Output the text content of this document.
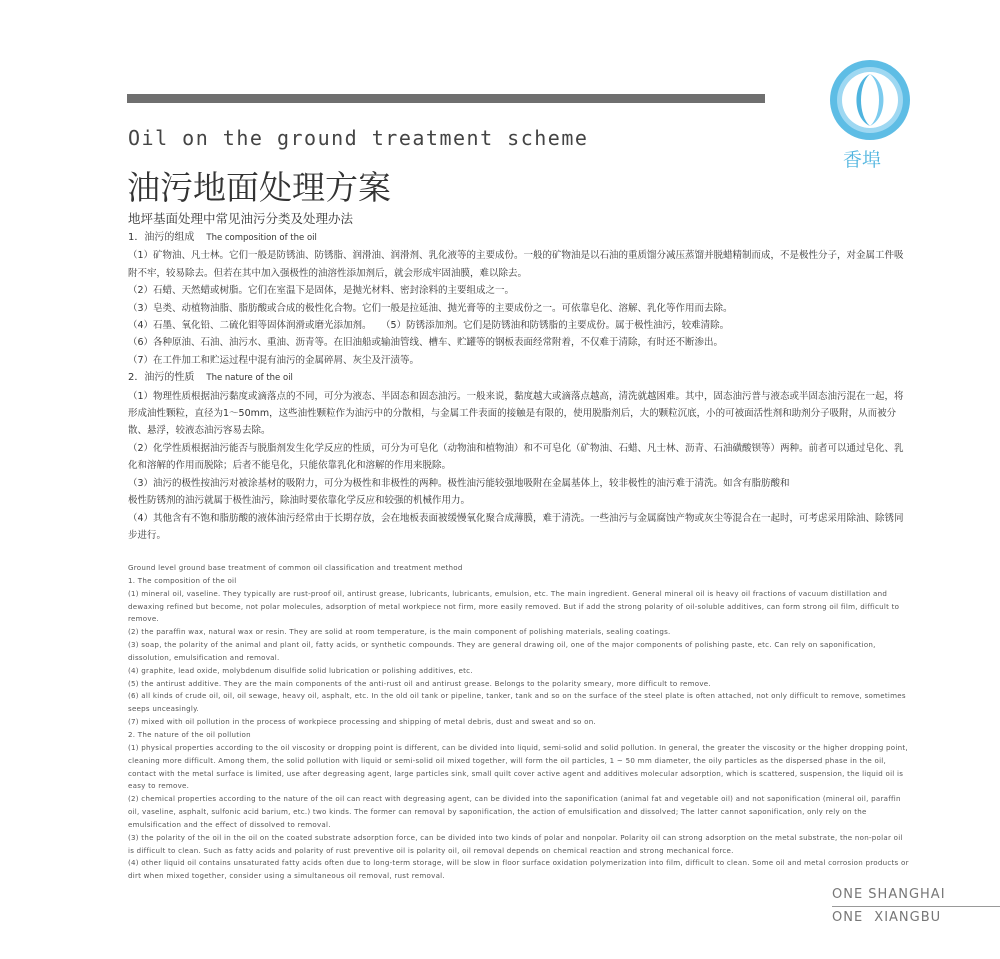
香埠
Oil on the ground treatment scheme
油污地面处理方案
地坪基面处理中常见油污分类及处理办法

1．油污的组成 The composition of the oil

（1）矿物油、凡士林。它们一般是防锈油、防锈脂、润滑油、润滑剂、乳化液等的主要成份。一般的矿物油是以石油的重质馏分减压蒸馏并脱蜡精制而成，不是极性分子，对金属工件吸附不牢，较易除去。但若在其中加入强极性的油溶性添加剂后，就会形成牢固油膜，难以除去。

（2）石蜡、天然蜡或树脂。它们在室温下是固体，是抛光材料、密封涂料的主要组成之一。

（3）皂类、动植物油脂、脂肪酸或合成的极性化合物。它们一般是拉延油、抛光膏等的主要成份之一。可依靠皂化、溶解、乳化等作用而去除。

（4）石墨、氧化铅、二硫化钼等固体润滑或磨光添加剂。　　（5）防锈添加剂。它们是防锈油和防锈脂的主要成份。属于极性油污，较难清除。

（6）各种原油、石油、油污水、重油、沥青等。在旧油船或输油管线、槽车、贮罐等的钢板表面经常附着，不仅难于清除，有时还不断渗出。

（7）在工件加工和贮运过程中混有油污的金属碎屑、灰尘及汗渍等。

2．油污的性质 The nature of the oil

（1）物理性质根据油污黏度或滴落点的不同，可分为液态、半固态和固态油污。一般来说，黏度越大或滴落点越高，清洗就越困难。其中，固态油污普与液态或半固态油污混在一起，将形成油性颗粒，直径为1～50mm，这些油性颗粒作为油污中的分散相，与金属工件表面的接触是有限的，使用脱脂剂后，大的颗粒沉底，小的可被面活性剂和助剂分子吸附，从而被分散、悬浮，较液态油污容易去除。

（2）化学性质根据油污能否与脱脂剂发生化学反应的性质，可分为可皂化（动物油和植物油）和不可皂化（矿物油、石蜡、凡士林、沥青、石油磺酸钡等）两种。前者可以通过皂化、乳化和溶解的作用而脱除；后者不能皂化，只能依靠乳化和溶解的作用来脱除。

（3）油污的极性按油污对被涂基材的吸附力，可分为极性和非极性的两种。极性油污能较强地吸附在金属基体上，较非极性的油污难于清洗。如含有脂肪酸和

极性防锈剂的油污就属于极性油污，除油时要依靠化学反应和较强的机械作用力。

（4）其他含有不饱和脂肪酸的液体油污经常由于长期存放，会在地板表面被缓慢氧化聚合成薄膜，难于清洗。一些油污与金属腐蚀产物或灰尘等混合在一起时，可考虑采用除油、除锈同步进行。

Ground level ground base treatment of common oil classification and treatment method

1. The composition of the oil

(1) mineral oil, vaseline. They typically are rust-proof oil, antirust grease, lubricants, lubricants, emulsion, etc. The main ingredient. General mineral oil is heavy oil fractions of vacuum distillation and dewaxing refined but become, not polar molecules, adsorption of metal workpiece not firm, more easily removed. But if add the strong polarity of oil-soluble additives, can form strong oil film, difficult to remove.

(2) the paraffin wax, natural wax or resin. They are solid at room temperature, is the main component of polishing materials, sealing coatings.

(3) soap, the polarity of the animal and plant oil, fatty acids, or synthetic compounds. They are general drawing oil, one of the major components of polishing paste, etc. Can rely on saponification, dissolution, emulsification and removal.

(4) graphite, lead oxide, molybdenum disulfide solid lubrication or polishing additives, etc.

(5) the antirust additive. They are the main components of the anti-rust oil and antirust grease. Belongs to the polarity smeary, more difficult to remove.

(6) all kinds of crude oil, oil, oil sewage, heavy oil, asphalt, etc. In the old oil tank or pipeline, tanker, tank and so on the surface of the steel plate is often attached, not only difficult to remove, sometimes seeps unceasingly.

(7) mixed with oil pollution in the process of workpiece processing and shipping of metal debris, dust and sweat and so on.

2. The nature of the oil pollution

(1) physical properties according to the oil viscosity or dropping point is different, can be divided into liquid, semi-solid and solid pollution. In general, the greater the viscosity or the higher dropping point, cleaning more difficult. Among them, the solid pollution with liquid or semi-solid oil mixed together, will form the oil particles, 1 ~ 50 mm diameter, the oily particles as the dispersed phase in the oil, contact with the metal surface is limited, use after degreasing agent, large particles sink, small quilt cover active agent and additives molecular adsorption, which is scattered, suspension, the liquid oil is easy to remove.

(2) chemical properties according to the nature of the oil can react with degreasing agent, can be divided into the saponification (animal fat and vegetable oil) and not saponification (mineral oil, paraffin oil, vaseline, asphalt, sulfonic acid barium, etc.) two kinds. The former can removal by saponification, the action of emulsification and dissolved; The latter cannot saponification, only rely on the emulsification and the effect of dissolved to removal.

(3) the polarity of the oil in the oil on the coated substrate adsorption force, can be divided into two kinds of polar and nonpolar. Polarity oil can strong adsorption on the metal substrate, the non-polar oil is difficult to clean. Such as fatty acids and polarity of rust preventive oil is polarity oil, oil removal depends on chemical reaction and strong mechanical force.

(4) other liquid oil contains unsaturated fatty acids often due to long-term storage, will be slow in floor surface oxidation polymerization into film, difficult to clean. Some oil and metal corrosion products or dirt when mixed together, consider using a simultaneous oil removal, rust removal.

ONE SHANGHAI
ONE XIANGBU
